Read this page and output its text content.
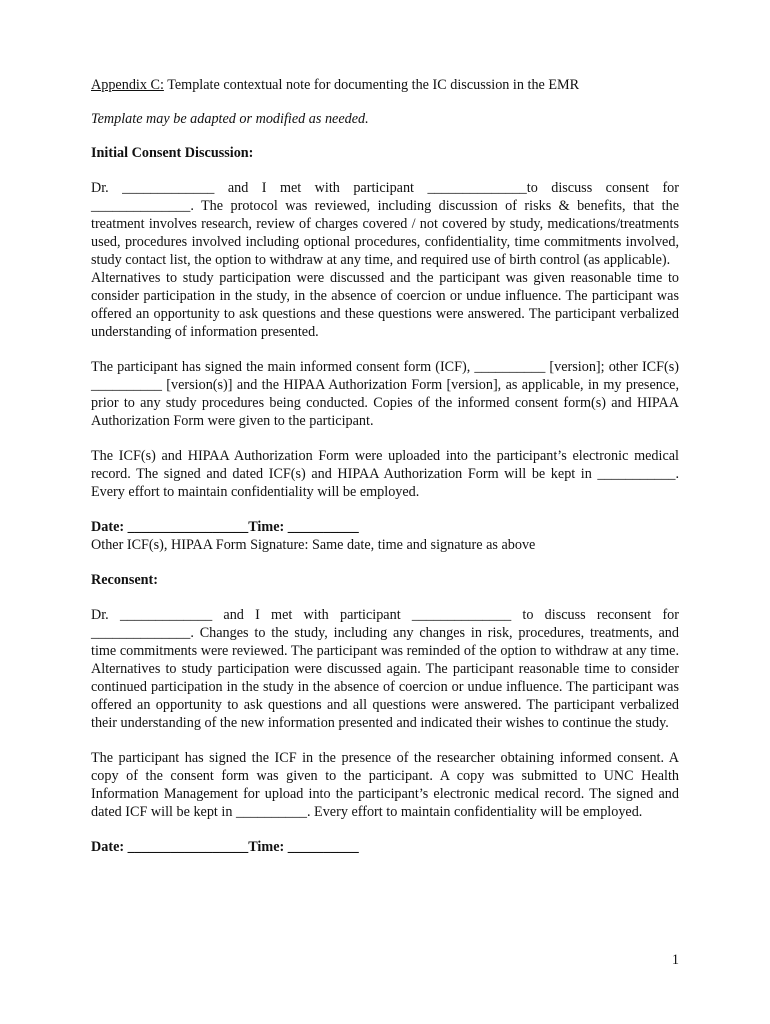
Appendix C: Template contextual note for documenting the IC discussion in the EMR

Template may be adapted or modified as needed.

Initial Consent Discussion:

Dr. _____________ and I met with participant ______________to discuss consent for ______________. The protocol was reviewed, including discussion of risks & benefits, that the treatment involves research, review of charges covered / not covered by study, medications/treatments used, procedures involved including optional procedures, confidentiality, time commitments involved, study contact list, the option to withdraw at any time, and required use of birth control (as applicable).

Alternatives to study participation were discussed and the participant was given reasonable time to consider participation in the study, in the absence of coercion or undue influence. The participant was offered an opportunity to ask questions and these questions were answered. The participant verbalized understanding of information presented.

The participant has signed the main informed consent form (ICF), __________ [version]; other ICF(s) __________ [version(s)] and the HIPAA Authorization Form [version], as applicable, in my presence, prior to any study procedures being conducted. Copies of the informed consent form(s) and HIPAA Authorization Form were given to the participant.

The ICF(s) and HIPAA Authorization Form were uploaded into the participant’s electronic medical record. The signed and dated ICF(s) and HIPAA Authorization Form will be kept in ___________. Every effort to maintain confidentiality will be employed.

Date: _________________Time: __________

Other ICF(s), HIPAA Form Signature: Same date, time and signature as above

Reconsent:

Dr. _____________ and I met with participant ______________ to discuss reconsent for ______________. Changes to the study, including any changes in risk, procedures, treatments, and time commitments were reviewed. The participant was reminded of the option to withdraw at any time. Alternatives to study participation were discussed again. The participant reasonable time to consider continued participation in the study in the absence of coercion or undue influence. The participant was offered an opportunity to ask questions and all questions were answered. The participant verbalized their understanding of the new information presented and indicated their wishes to continue the study.

The participant has signed the ICF in the presence of the researcher obtaining informed consent. A copy of the consent form was given to the participant. A copy was submitted to UNC Health Information Management for upload into the participant’s electronic medical record. The signed and dated ICF will be kept in __________. Every effort to maintain confidentiality will be employed.

Date: _________________Time: __________

1
